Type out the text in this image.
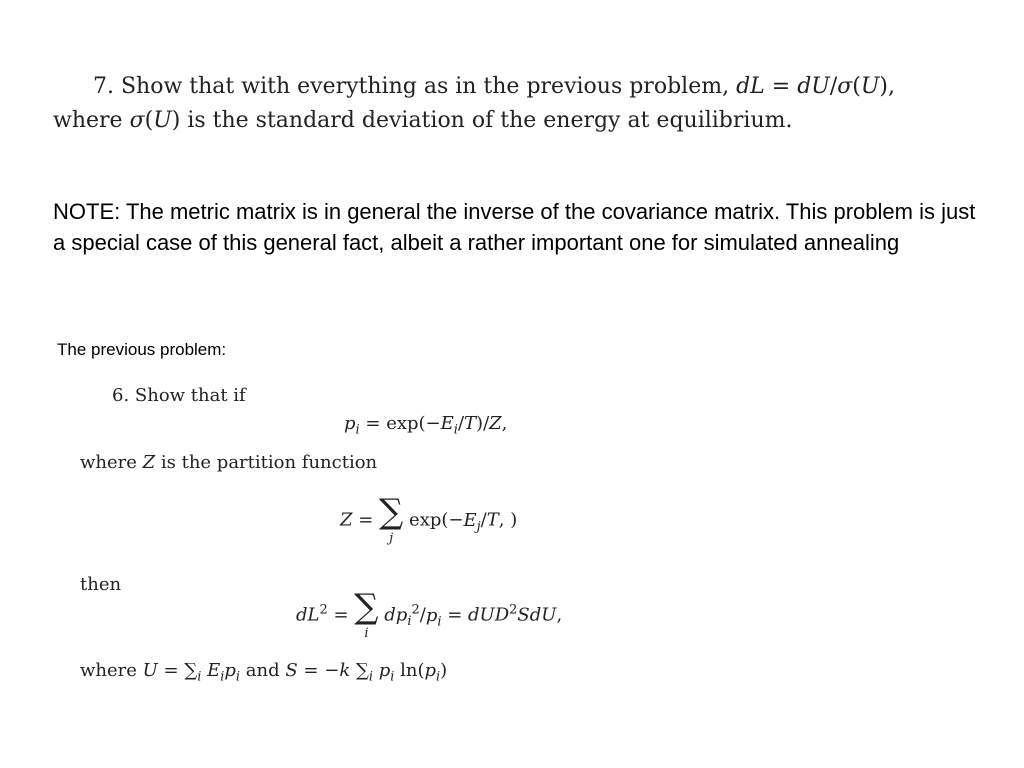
7. Show that with everything as in the previous problem, dL = dU/σ(U),
where σ(U) is the standard deviation of the energy at equilibrium.
NOTE: The metric matrix is in general the inverse of the covariance matrix. This problem is just a special case of this general fact, albeit a rather important one for simulated annealing
The previous problem:
6. Show that if
$p_i = \exp(-E_i/T)/Z$,
where Z is the partition function
Z = ∑
j
$\exp(-E_j/T$, )
then
$dL^2$ = ∑
i
$dp_i^2/p_i = dUD^2SdU$,
where $U = \sum_i$ $E_ip_i$ and S = −k $\sum_i$ $p_i$ $\ln(p_i)$
